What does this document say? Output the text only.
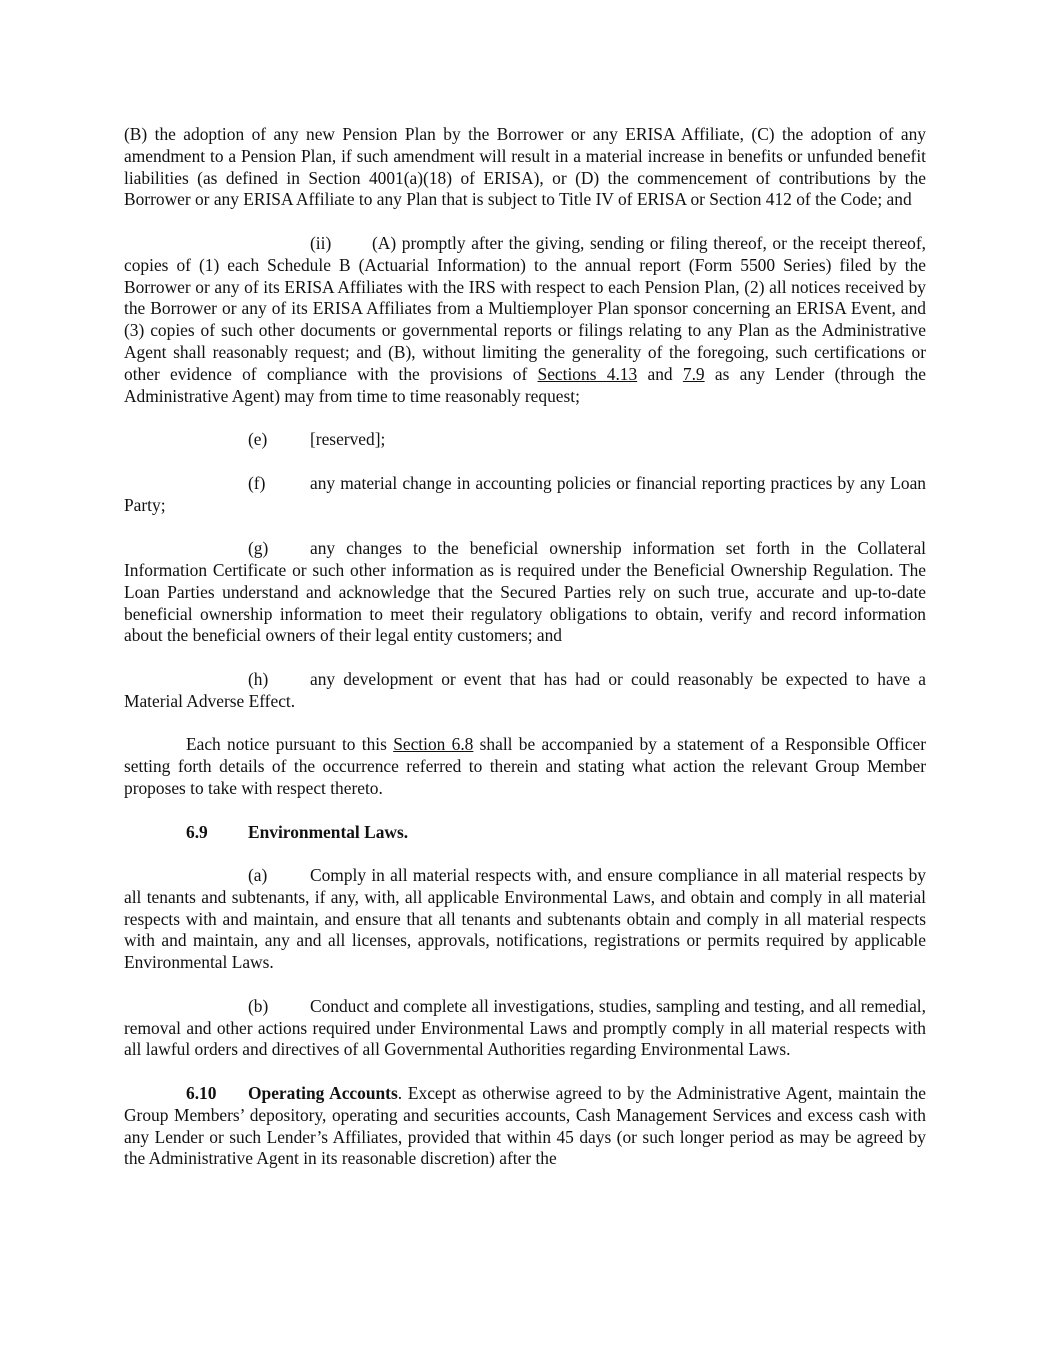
(B) the adoption of any new Pension Plan by the Borrower or any ERISA Affiliate, (C) the adoption of any amendment to a Pension Plan, if such amendment will result in a material increase in benefits or unfunded benefit liabilities (as defined in Section 4001(a)(18) of ERISA), or (D) the commencement of contributions by the Borrower or any ERISA Affiliate to any Plan that is subject to Title IV of ERISA or Section 412 of the Code; and

(ii) (A) promptly after the giving, sending or filing thereof, or the receipt thereof, copies of (1) each Schedule B (Actuarial Information) to the annual report (Form 5500 Series) filed by the Borrower or any of its ERISA Affiliates with the IRS with respect to each Pension Plan, (2) all notices received by the Borrower or any of its ERISA Affiliates from a Multiemployer Plan sponsor concerning an ERISA Event, and (3) copies of such other documents or governmental reports or filings relating to any Plan as the Administrative Agent shall reasonably request; and (B), without limiting the generality of the foregoing, such certifications or other evidence of compliance with the provisions of Sections 4.13 and 7.9 as any Lender (through the Administrative Agent) may from time to time reasonably request;

(e) [reserved];

(f)	any material change in accounting policies or financial reporting practices by any Loan Party;

(g) any changes to the beneficial ownership information set forth in the Collateral Information Certificate or such other information as is required under the Beneficial Ownership Regulation. The Loan Parties understand and acknowledge that the Secured Parties rely on such true, accurate and up-to-date beneficial ownership information to meet their regulatory obligations to obtain, verify and record information about the beneficial owners of their legal entity customers; and

(h) any development or event that has had or could reasonably be expected to have a Material Adverse Effect.

Each notice pursuant to this Section 6.8 shall be accompanied by a statement of a Responsible Officer setting forth details of the occurrence referred to therein and stating what action the relevant Group Member proposes to take with respect thereto.

6.9 Environmental Laws.

(a) Comply in all material respects with, and ensure compliance in all material respects by all tenants and subtenants, if any, with, all applicable Environmental Laws, and obtain and comply in all material respects with and maintain, and ensure that all tenants and subtenants obtain and comply in all material respects with and maintain, any and all licenses, approvals, notifications, registrations or permits required by applicable Environmental Laws.

(b) Conduct and complete all investigations, studies, sampling and testing, and all remedial, removal and other actions required under Environmental Laws and promptly comply in all material respects with all lawful orders and directives of all Governmental Authorities regarding Environmental Laws.

6.10 Operating Accounts. Except as otherwise agreed to by the Administrative Agent, maintain the Group Members’ depository, operating and securities accounts, Cash Management Services and excess cash with any Lender or such Lender’s Affiliates, provided that within 45 days (or such longer period as may be agreed by the Administrative Agent in its reasonable discretion) after the
